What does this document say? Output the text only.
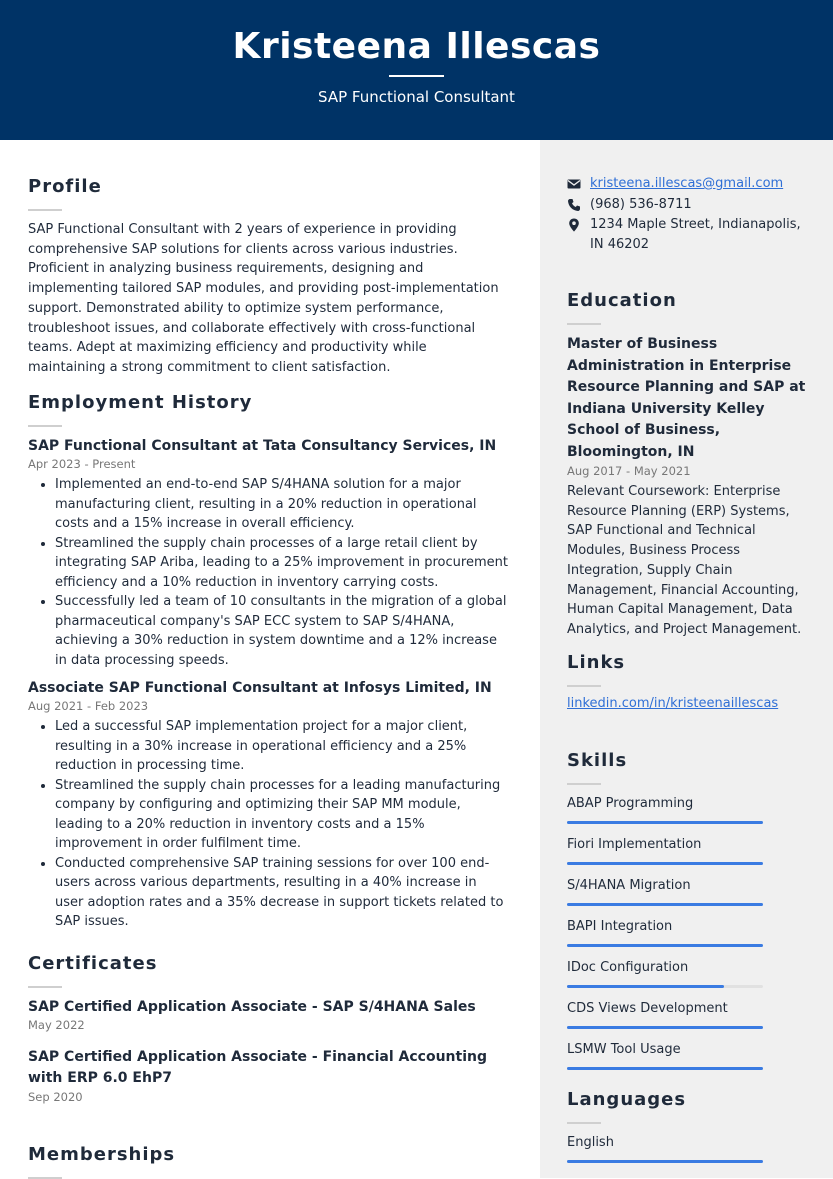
Kristeena Illescas
SAP Functional Consultant
Profile
SAP Functional Consultant with 2 years of experience in providing comprehensive SAP solutions for clients across various industries. Proficient in analyzing business requirements, designing and implementing tailored SAP modules, and providing post-implementation support. Demonstrated ability to optimize system performance, troubleshoot issues, and collaborate effectively with cross-functional teams. Adept at maximizing efficiency and productivity while maintaining a strong commitment to client satisfaction.
Employment History
SAP Functional Consultant at Tata Consultancy Services, IN
Apr 2023 - Present
• Implemented an end-to-end SAP S/4HANA solution for a major manufacturing client, resulting in a 20% reduction in operational costs and a 15% increase in overall efficiency.
• Streamlined the supply chain processes of a large retail client by integrating SAP Ariba, leading to a 25% improvement in procurement efficiency and a 10% reduction in inventory carrying costs.
• Successfully led a team of 10 consultants in the migration of a global pharmaceutical company's SAP ECC system to SAP S/4HANA, achieving a 30% reduction in system downtime and a 12% increase in data processing speeds.
Associate SAP Functional Consultant at Infosys Limited, IN
Aug 2021 - Feb 2023
• Led a successful SAP implementation project for a major client, resulting in a 30% increase in operational efficiency and a 25% reduction in processing time.
• Streamlined the supply chain processes for a leading manufacturing company by configuring and optimizing their SAP MM module, leading to a 20% reduction in inventory costs and a 15% improvement in order fulfilment time.
• Conducted comprehensive SAP training sessions for over 100 end-users across various departments, resulting in a 40% increase in user adoption rates and a 35% decrease in support tickets related to SAP issues.
Certificates
SAP Certified Application Associate - SAP S/4HANA Sales
May 2022
SAP Certified Application Associate - Financial Accounting with ERP 6.0 EhP7
Sep 2020
Memberships
kristeena.illescas@gmail.com
(968) 536-8711
1234 Maple Street, Indianapolis, IN 46202
Education
Master of Business Administration in Enterprise Resource Planning and SAP at Indiana University Kelley School of Business, Bloomington, IN
Aug 2017 - May 2021
Relevant Coursework: Enterprise Resource Planning (ERP) Systems, SAP Functional and Technical Modules, Business Process Integration, Supply Chain Management, Financial Accounting, Human Capital Management, Data Analytics, and Project Management.
Links
linkedin.com/in/kristeenaillescas
Skills
ABAP Programming
Fiori Implementation
S/4HANA Migration
BAPI Integration
IDoc Configuration
CDS Views Development
LSMW Tool Usage
Languages
English
